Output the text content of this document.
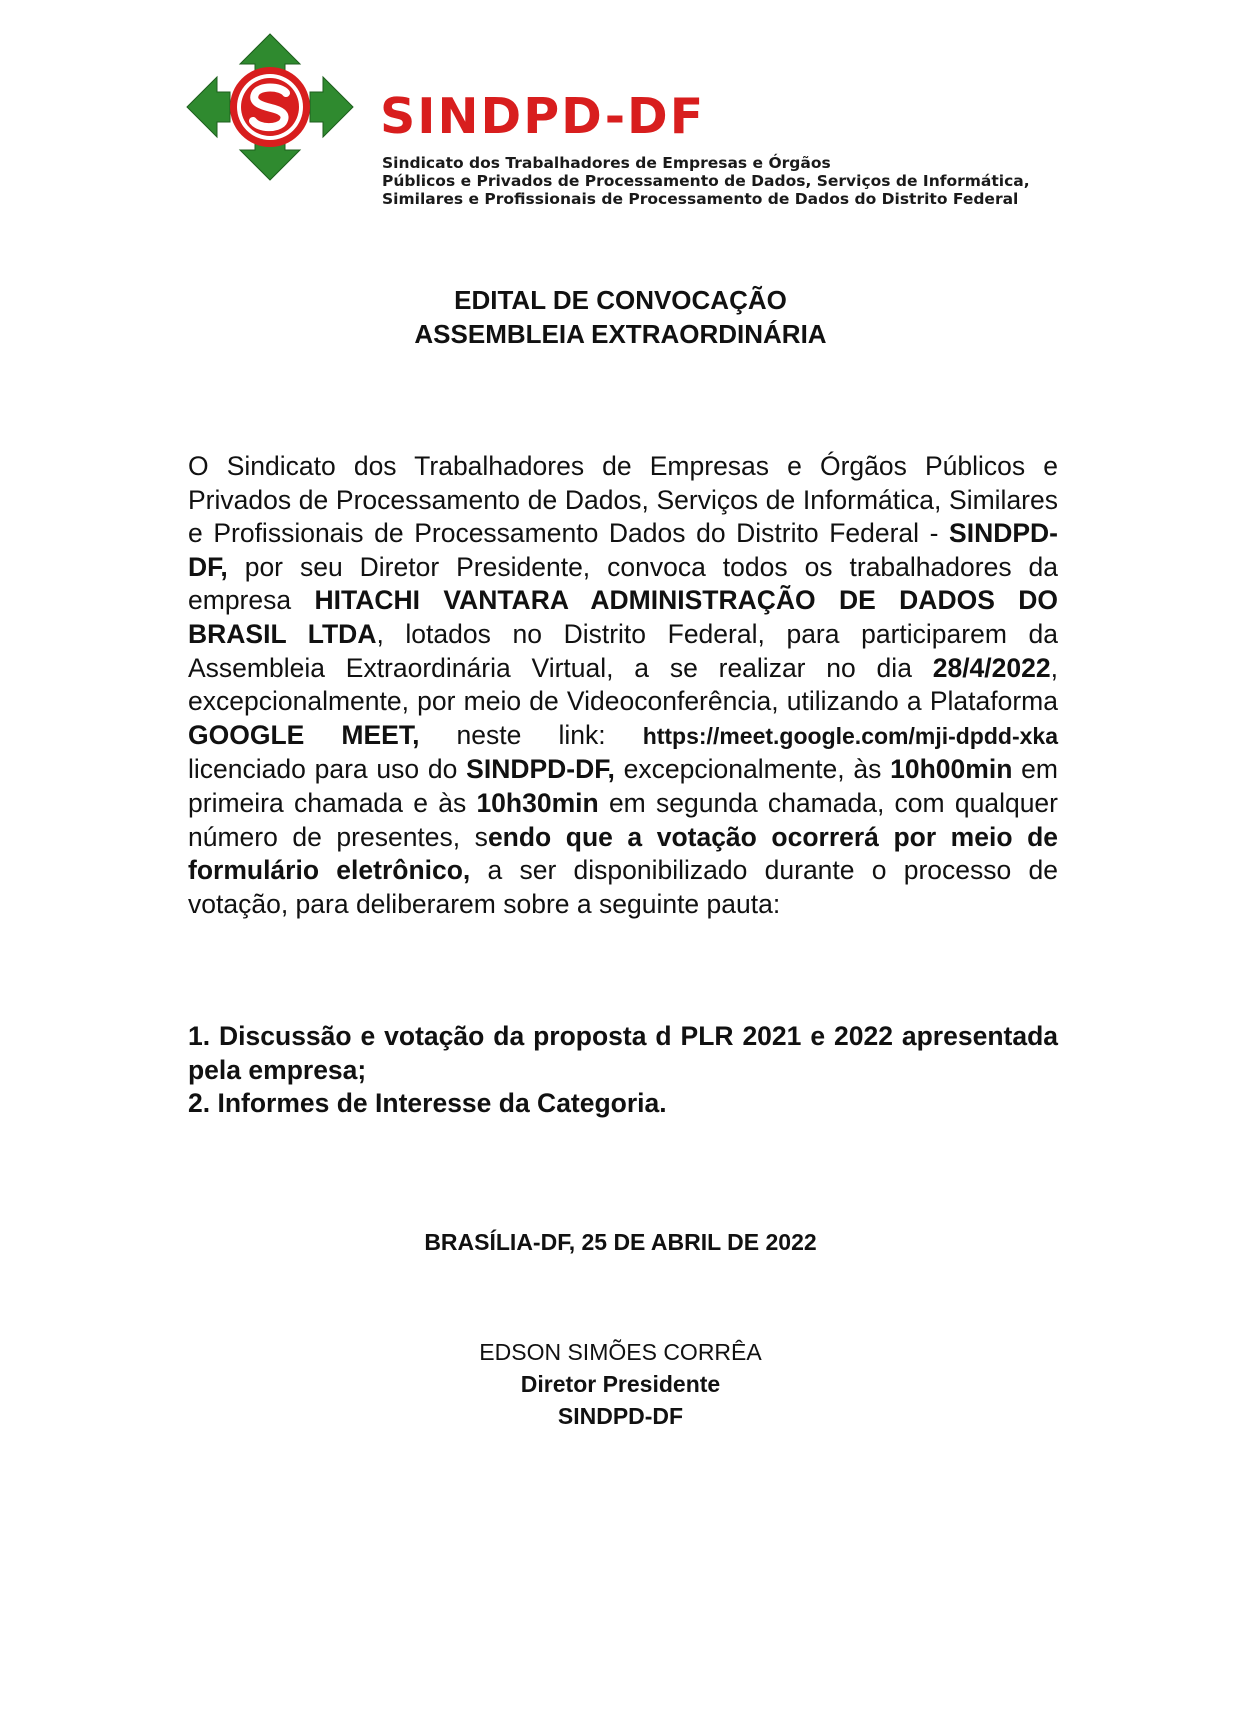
SINDPD-DF
Sindicato dos Trabalhadores de Empresas e Órgãos
Públicos e Privados de Processamento de Dados, Serviços de Informática,
Similares e Profissionais de Processamento de Dados do Distrito Federal
EDITAL DE CONVOCAÇÃO
ASSEMBLEIA EXTRAORDINÁRIA
O Sindicato dos Trabalhadores de Empresas e Órgãos Públicos e Privados de Processamento de Dados, Serviços de Informática, Similares e Profissionais de Processamento Dados do Distrito Federal - SINDPD-DF, por seu Diretor Presidente, convoca todos os trabalhadores da empresa HITACHI VANTARA ADMINISTRAÇÃO DE DADOS DO BRASIL LTDA, lotados no Distrito Federal, para participarem da Assembleia Extraordinária Virtual, a se realizar no dia 28/4/2022, excepcionalmente, por meio de Videoconferência, utilizando a Plataforma GOOGLE MEET, neste link: https://meet.google.com/mji-dpdd-xka licenciado para uso do SINDPD-DF, excepcionalmente, às 10h00min em primeira chamada e às 10h30min em segunda chamada, com qualquer número de presentes, sendo que a votação ocorrerá por meio de formulário eletrônico, a ser disponibilizado durante o processo de votação, para deliberarem sobre a seguinte pauta:
1. Discussão e votação da proposta d PLR 2021 e 2022 apresentada pela empresa;
2. Informes de Interesse da Categoria.
BRASÍLIA-DF, 25 DE ABRIL DE 2022
EDSON SIMÕES CORRÊA
Diretor Presidente
SINDPD-DF
